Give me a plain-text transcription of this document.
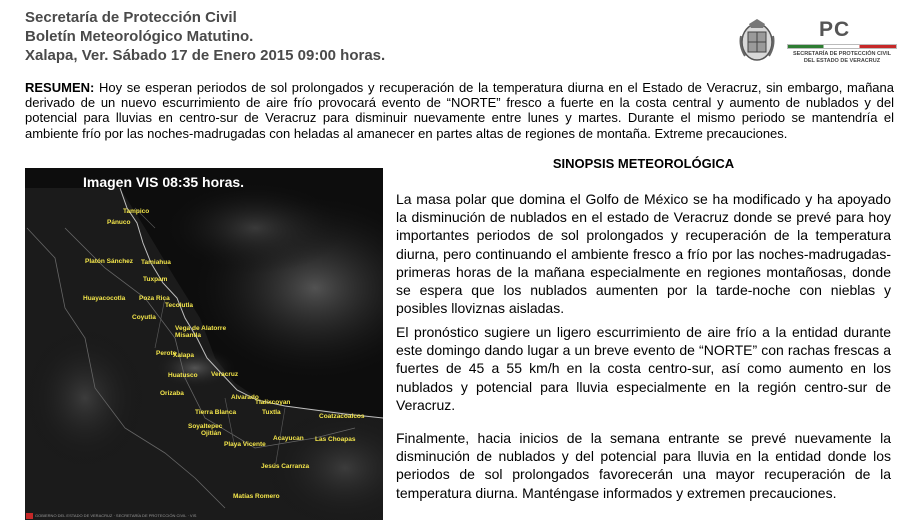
Secretaría de Protección Civil
Boletín Meteorológico Matutino.
Xalapa, Ver. Sábado 17 de Enero 2015 09:00 horas.
PC
SECRETARÍA DE PROTECCIÓN CIVIL DEL ESTADO DE VERACRUZ
RESUMEN: Hoy se esperan periodos de sol prolongados y recuperación de la temperatura diurna en el Estado de Veracruz, sin embargo, mañana derivado de un nuevo escurrimiento de aire frío provocará evento de “NORTE” fresco a fuerte en la costa central y aumento de nublados y del potencial para lluvias en centro-sur de Veracruz para disminuir nuevamente entre lunes y martes. Durante el mismo periodo se mantendría el ambiente frío por las noches-madrugadas con heladas al amanecer en partes altas de regiones de montaña. Extreme precauciones.
Imagen VIS 08:35 horas.
Tampico
Pánuco
Platón Sánchez Tamiahua
Tuxpam
Huayacocotla Poza Rica
Tecolutla
Coyutla
Vega de Alatorre
Misantla
Perote
Xalapa
Huatusco Veracruz
Orizaba
Alvarado
Tierra Blanca
Tlalixcoyan
Tuxtla
Coatzacoalcos
Las Choapas
Acayucan
Playa Vicente
Soyaltepec
Ojitlán
Jesús Carranza
Matías Romero
GOBIERNO DEL ESTADO DE VERACRUZ · SECRETARÍA DE PROTECCIÓN CIVIL · VIS
SINOPSIS METEOROLÓGICA
La masa polar que domina el Golfo de México se ha modificado y ha apoyado la disminución de nublados en el estado de Veracruz donde se prevé para hoy importantes periodos de sol prolongados y recuperación de la temperatura diurna, pero continuando el ambiente fresco a frío por las noches-madrugadas-primeras horas de la mañana especialmente en regiones montañosas, donde se espera que los nublados aumenten por la tarde-noche con nieblas y posibles lloviznas aisladas.
El pronóstico sugiere un ligero escurrimiento de aire frío a la entidad durante este domingo dando lugar a un breve evento de “NORTE” con rachas frescas a fuertes de 45 a 55 km/h en la costa centro-sur, así como aumento en los nublados y potencial para lluvia especialmente en la región centro-sur de Veracruz.
Finalmente, hacia inicios de la semana entrante se prevé nuevamente la disminución de nublados y del potencial para lluvia en la entidad donde los periodos de sol prolongados favorecerán una mayor recuperación de la temperatura diurna. Manténgase informados y extremen precauciones.
